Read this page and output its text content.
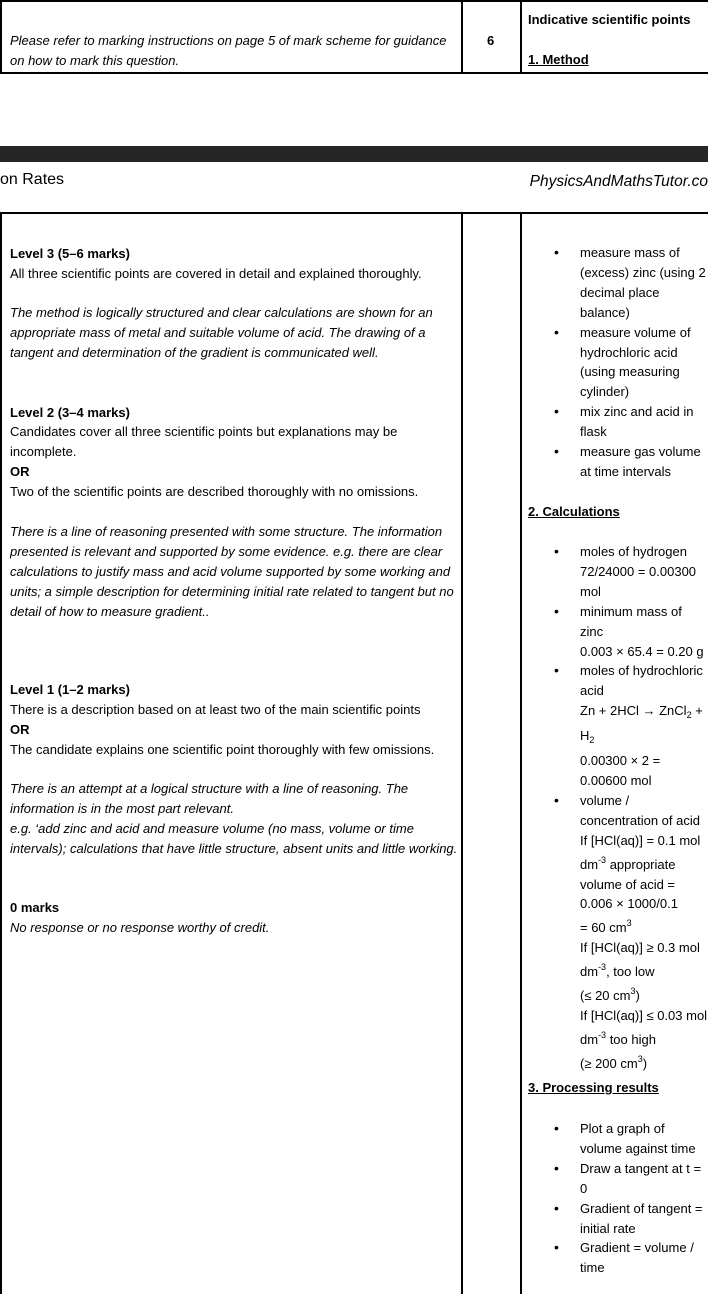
Please refer to marking instructions on page 5 of mark scheme for guidance on how to mark this question.
6
Indicative scientific points
1. Method
on Rates	PhysicsAndMathsTutor.co
Level 3 (5–6 marks)
All three scientific points are covered in detail and explained thoroughly.
The method is logically structured and clear calculations are shown for an appropriate mass of metal and suitable volume of acid. The drawing of a tangent and determination of the gradient is communicated well.
Level 2 (3–4 marks)
Candidates cover all three scientific points but explanations may be incomplete.
OR
Two of the scientific points are described thoroughly with no omissions.
There is a line of reasoning presented with some structure. The information presented is relevant and supported by some evidence. e.g. there are clear calculations to justify mass and acid volume supported by some working and units; a simple description for determining initial rate related to tangent but no detail of how to measure gradient..
Level 1 (1–2 marks)
There is a description based on at least two of the main scientific points
OR
The candidate explains one scientific point thoroughly with few omissions.
There is an attempt at a logical structure with a line of reasoning. The information is in the most part relevant.
e.g. ‘add zinc and acid and measure volume (no mass, volume or time intervals); calculations that have little structure, absent units and little working.
0 marks
No response or no response worthy of credit.
• measure mass of (excess) zinc (using 2 decimal place balance)
• measure volume of hydrochloric acid (using measuring cylinder)
• mix zinc and acid in flask
• measure gas volume at time intervals
2. Calculations
• moles of hydrogen
72/24000 = 0.00300 mol
• minimum mass of zinc
0.003 × 65.4 = 0.20 g
• moles of hydrochloric acid
Zn + 2HCl → ZnCl$_2$ + $H_2$
0.00300 × 2 = 0.00600 mol
• volume / concentration of acid
If [HCl(aq)] = 0.1 mol $dm^{-3}$ appropriate volume of acid =
0.006 × 1000/0.1
= 60 $cm^3$
If [HCl(aq)] ≥ 0.3 mol $dm^{-3}$, too low
(≤ 20 $cm^3$)
If [HCl(aq)] ≤ 0.03 mol $dm^{-3}$ too high
(≥ 200 $cm^3$)
3. Processing results
• Plot a graph of volume against time
• Draw a tangent at t = 0
• Gradient of tangent = initial rate
• Gradient = volume / time
